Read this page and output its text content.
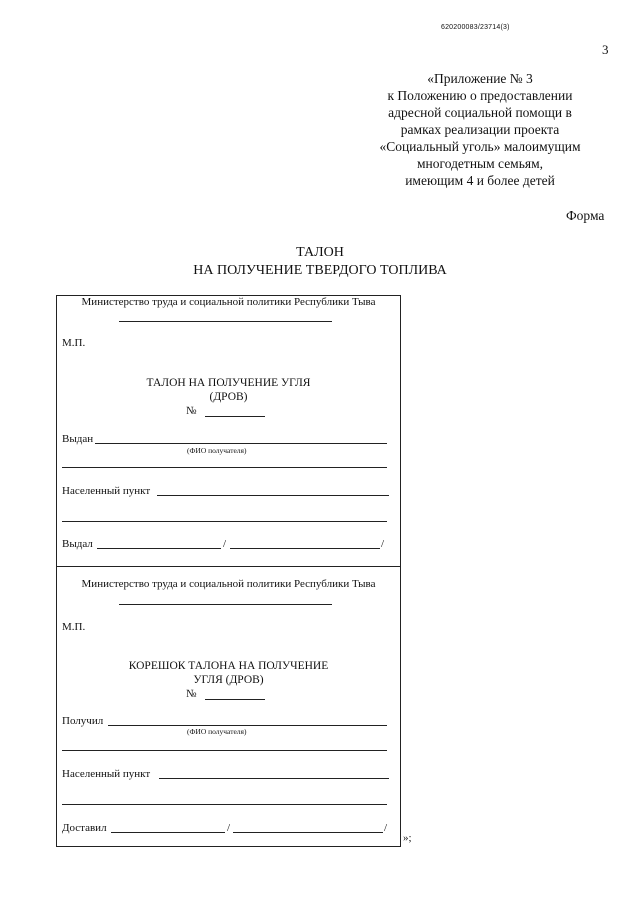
620200083/23714(3)
3
«Приложение № 3
к Положению о предоставлении
адресной социальной помощи в
рамках реализации проекта
«Социальный уголь» малоимущим
многодетным семьям,
имеющим 4 и более детей
Форма
ТАЛОН
НА ПОЛУЧЕНИЕ ТВЕРДОГО ТОПЛИВА
Министерство труда и социальной политики Республики Тыва
М.П.
ТАЛОН НА ПОЛУЧЕНИЕ УГЛЯ
(ДРОВ)
№
Выдан
(ФИО получателя)
Населенный пункт
Выдал	/	/
Министерство труда и социальной политики Республики Тыва
М.П.
КОРЕШОК ТАЛОНА НА ПОЛУЧЕНИЕ
УГЛЯ (ДРОВ)
№
Получил
(ФИО получателя)
Населенный пункт
Доставил	/	/
»;
